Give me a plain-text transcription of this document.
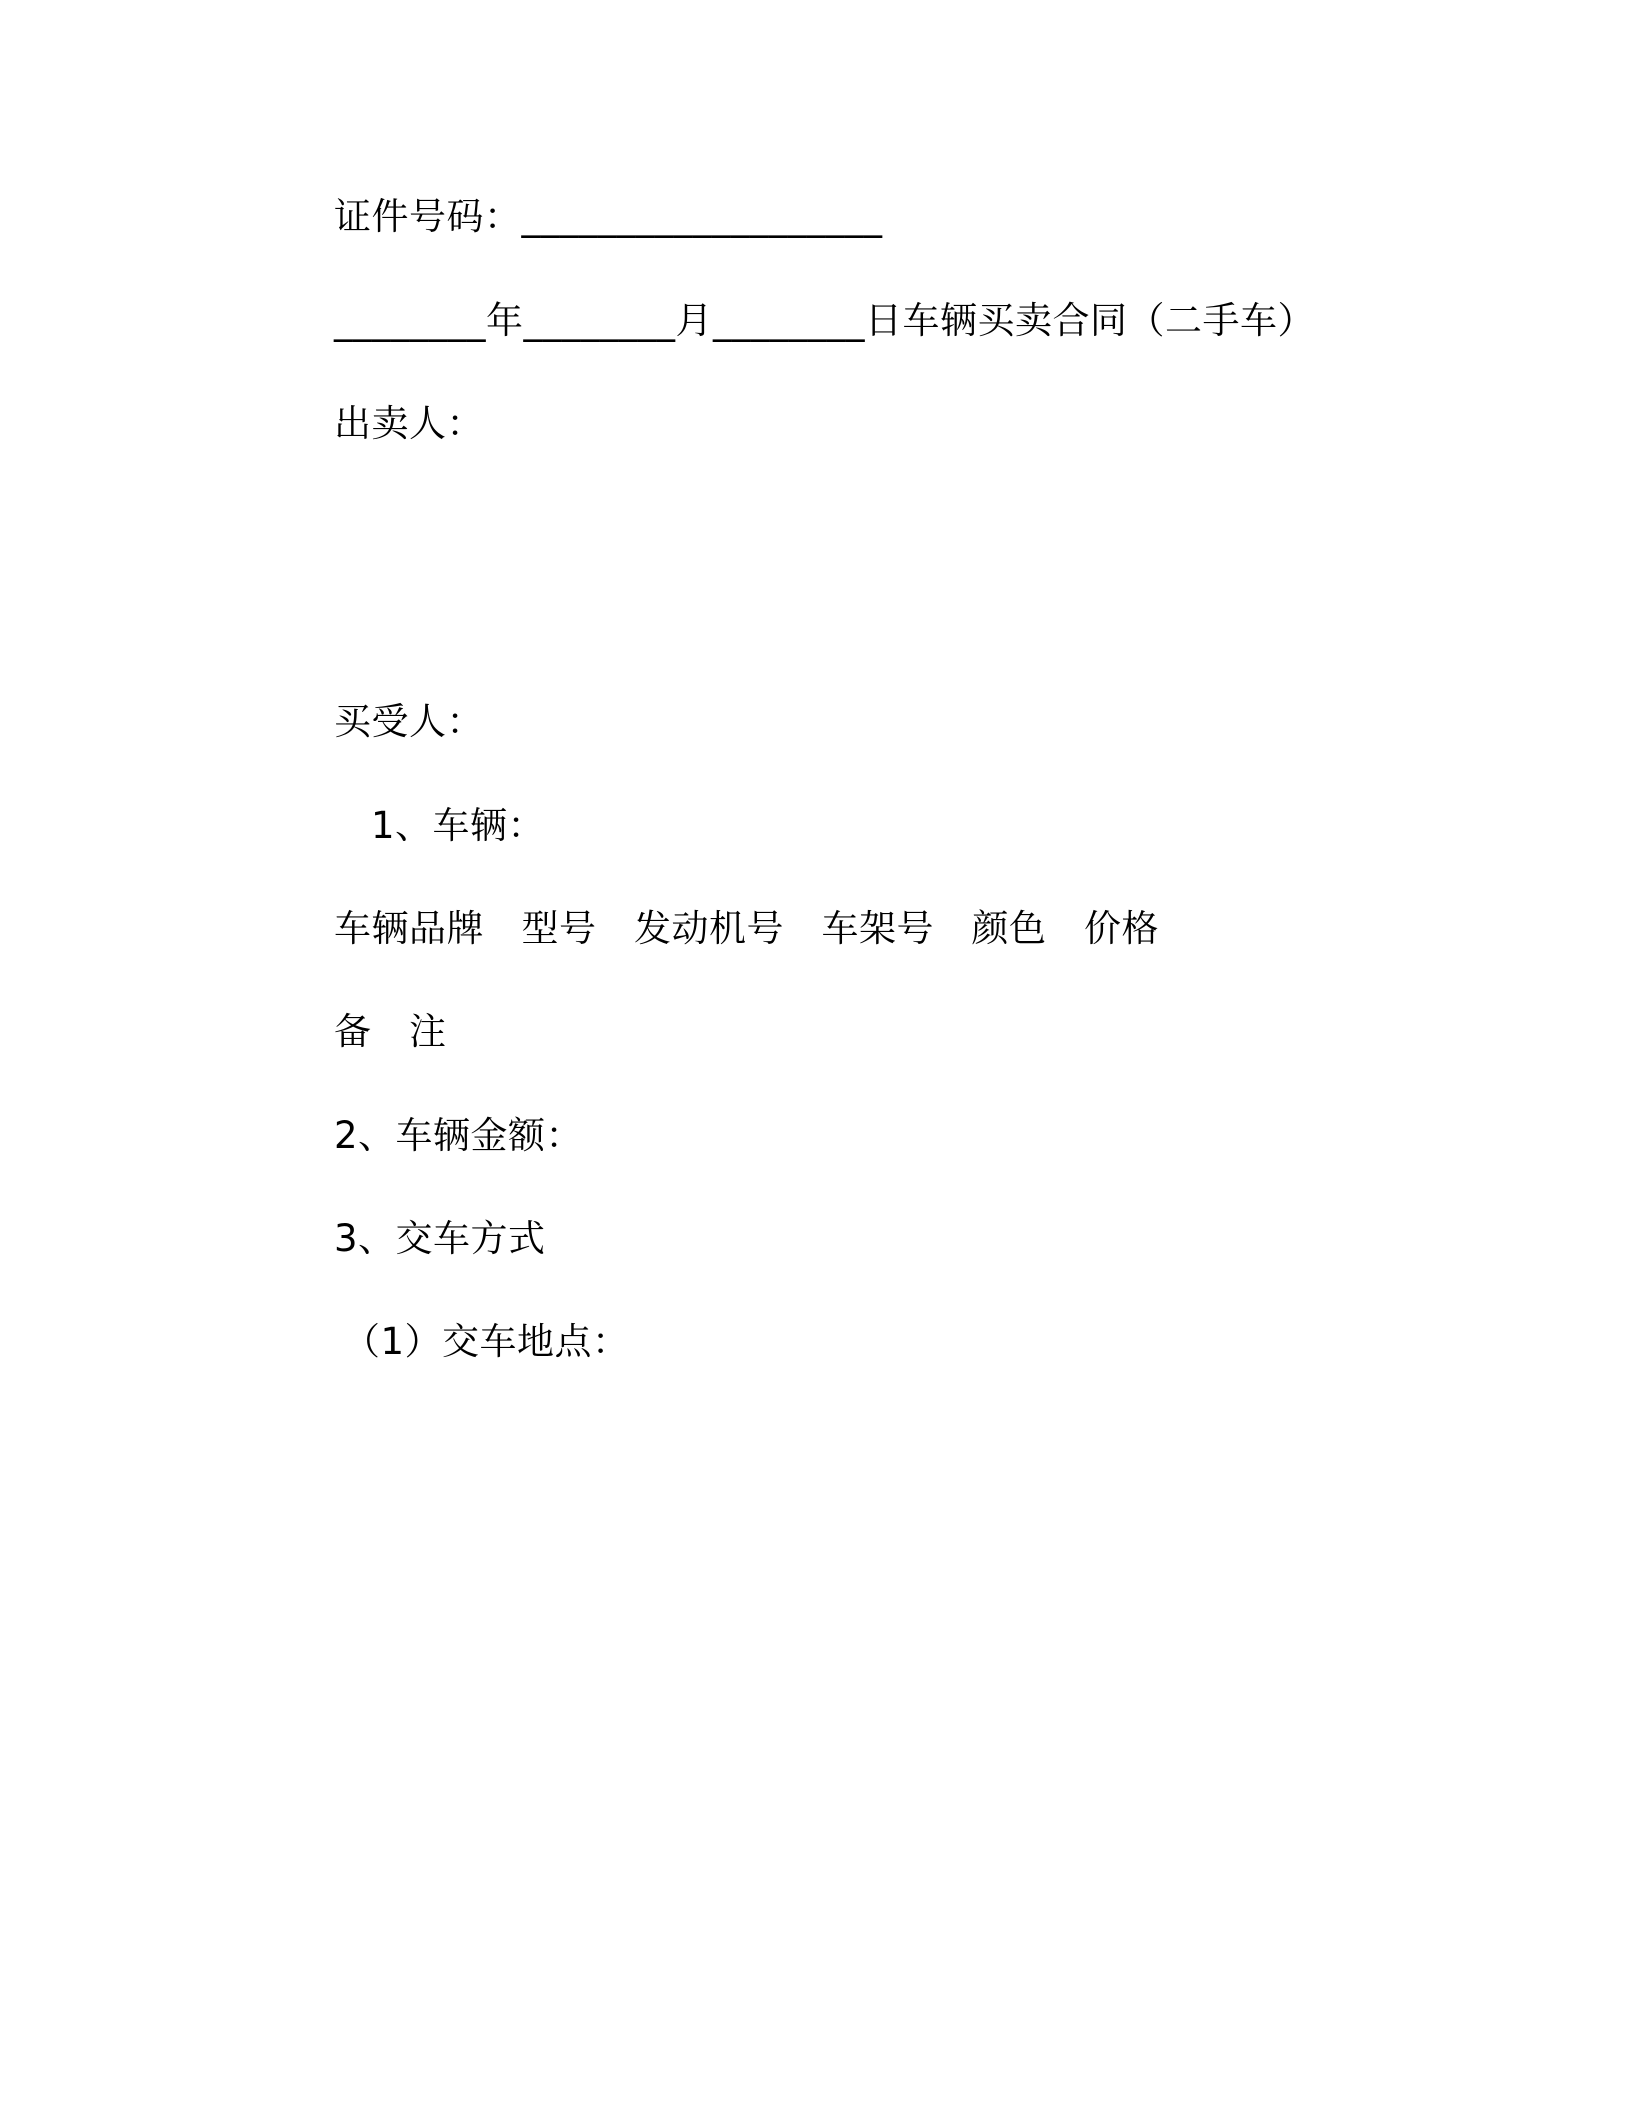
证件号码：___________________
________年________月________日车辆买卖合同（二手车）
出卖人：
买受人：
1、车辆：
车辆品牌　型号　发动机号　车架号　颜色　价格
备　注
2、车辆金额：
3、交车方式
（1）交车地点：
